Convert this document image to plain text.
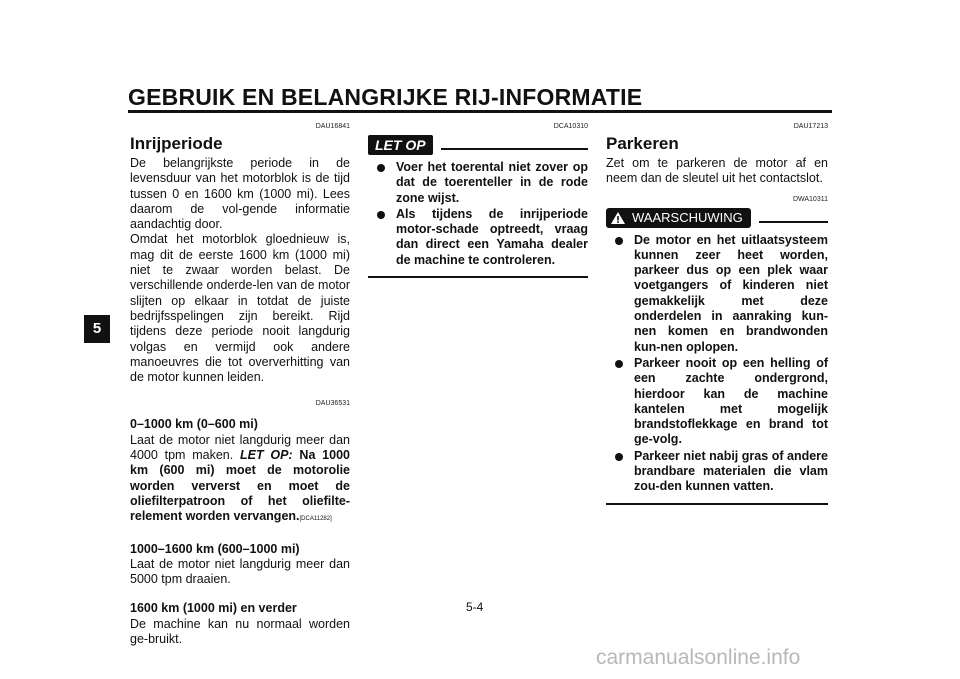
GEBRUIK EN BELANGRIJKE RIJ-INFORMATIE
5
DAU16841
Inrijperiode

De belangrijkste periode in de levensduur van het motorblok is de tijd tussen 0 en 1600 km (1000 mi). Lees daarom de vol-gende informatie aandachtig door.

Omdat het motorblok gloednieuw is, mag dit de eerste 1600 km (1000 mi) niet te zwaar worden belast. De verschillende onderde-len van de motor slijten op elkaar in totdat de juiste bedrijfsspelingen zijn bereikt. Rijd tijdens deze periode nooit langdurig volgas en vermijd ook andere manoeuvres die tot oververhitting van de motor kunnen leiden.

DAU36531
0–1000 km (0–600 mi)

Laat de motor niet langdurig meer dan 4000 tpm maken. LET OP: Na 1000 km (600 mi) moet de motorolie worden ververst en moet de oliefilterpatroon of het oliefilte-relement worden vervangen.[DCA11282]

1000–1600 km (600–1000 mi)

Laat de motor niet langdurig meer dan 5000 tpm draaien.

1600 km (1000 mi) en verder

De machine kan nu normaal worden ge-bruikt.

DCA10310
LET OP
Voer het toerental niet zover op dat de toerenteller in de rode zone wijst.
Als tijdens de inrijperiode motor-schade optreedt, vraag dan direct een Yamaha dealer de machine te controleren.
DAU17213
Parkeren

Zet om te parkeren de motor af en neem dan de sleutel uit het contactslot.

DWA10311
WAARSCHUWING
De motor en het uitlaatsysteem kunnen zeer heet worden, parkeer dus op een plek waar voetgangers of kinderen niet gemakkelijk met deze onderdelen in aanraking kun-nen komen en brandwonden kun-nen oplopen.
Parkeer nooit op een helling of een zachte ondergrond, hierdoor kan de machine kantelen met mogelijk brandstoflekkage en brand tot ge-volg.
Parkeer niet nabij gras of andere brandbare materialen die vlam zou-den kunnen vatten.
5-4
carmanualsonline.info
